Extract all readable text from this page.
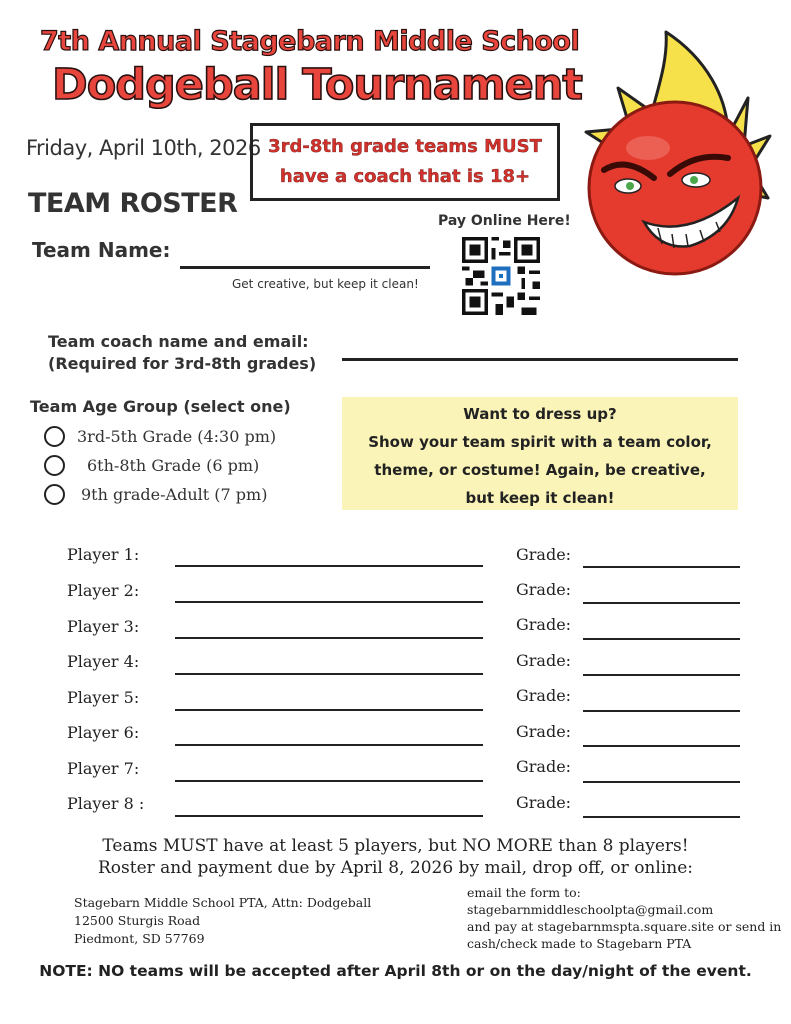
7th Annual Stagebarn Middle School
Dodgeball Tournament
Friday, April 10th, 2026 3rd-8th grade teams MUST
have a coach that is 18+
TEAM ROSTER
Pay Online Here!
Team Name:
Get creative, but keep it clean!
Team coach name and email:
(Required for 3rd-8th grades)
Team Age Group (select one)
3rd-5th Grade (4:30 pm)
6th-8th Grade (6 pm)
9th grade-Adult (7 pm)
Want to dress up?
Show your team spirit with a team color,
theme, or costume! Again, be creative,
but keep it clean!
Player 1:	Grade:
Player 2:	Grade:
Player 3:	Grade:
Player 4:	Grade:
Player 5:	Grade:
Player 6:	Grade:
Player 7:	Grade:
Player 8 :	Grade:
Teams MUST have at least 5 players, but NO MORE than 8 players!
Roster and payment due by April 8, 2026 by mail, drop off, or online:
Stagebarn Middle School PTA, Attn: Dodgeball
12500 Sturgis Road
Piedmont, SD 57769
email the form to:
stagebarnmiddleschoolpta@gmail.com
and pay at stagebarnmspta.square.site or send in
cash/check made to Stagebarn PTA
NOTE: NO teams will be accepted after April 8th or on the day/night of the event.
